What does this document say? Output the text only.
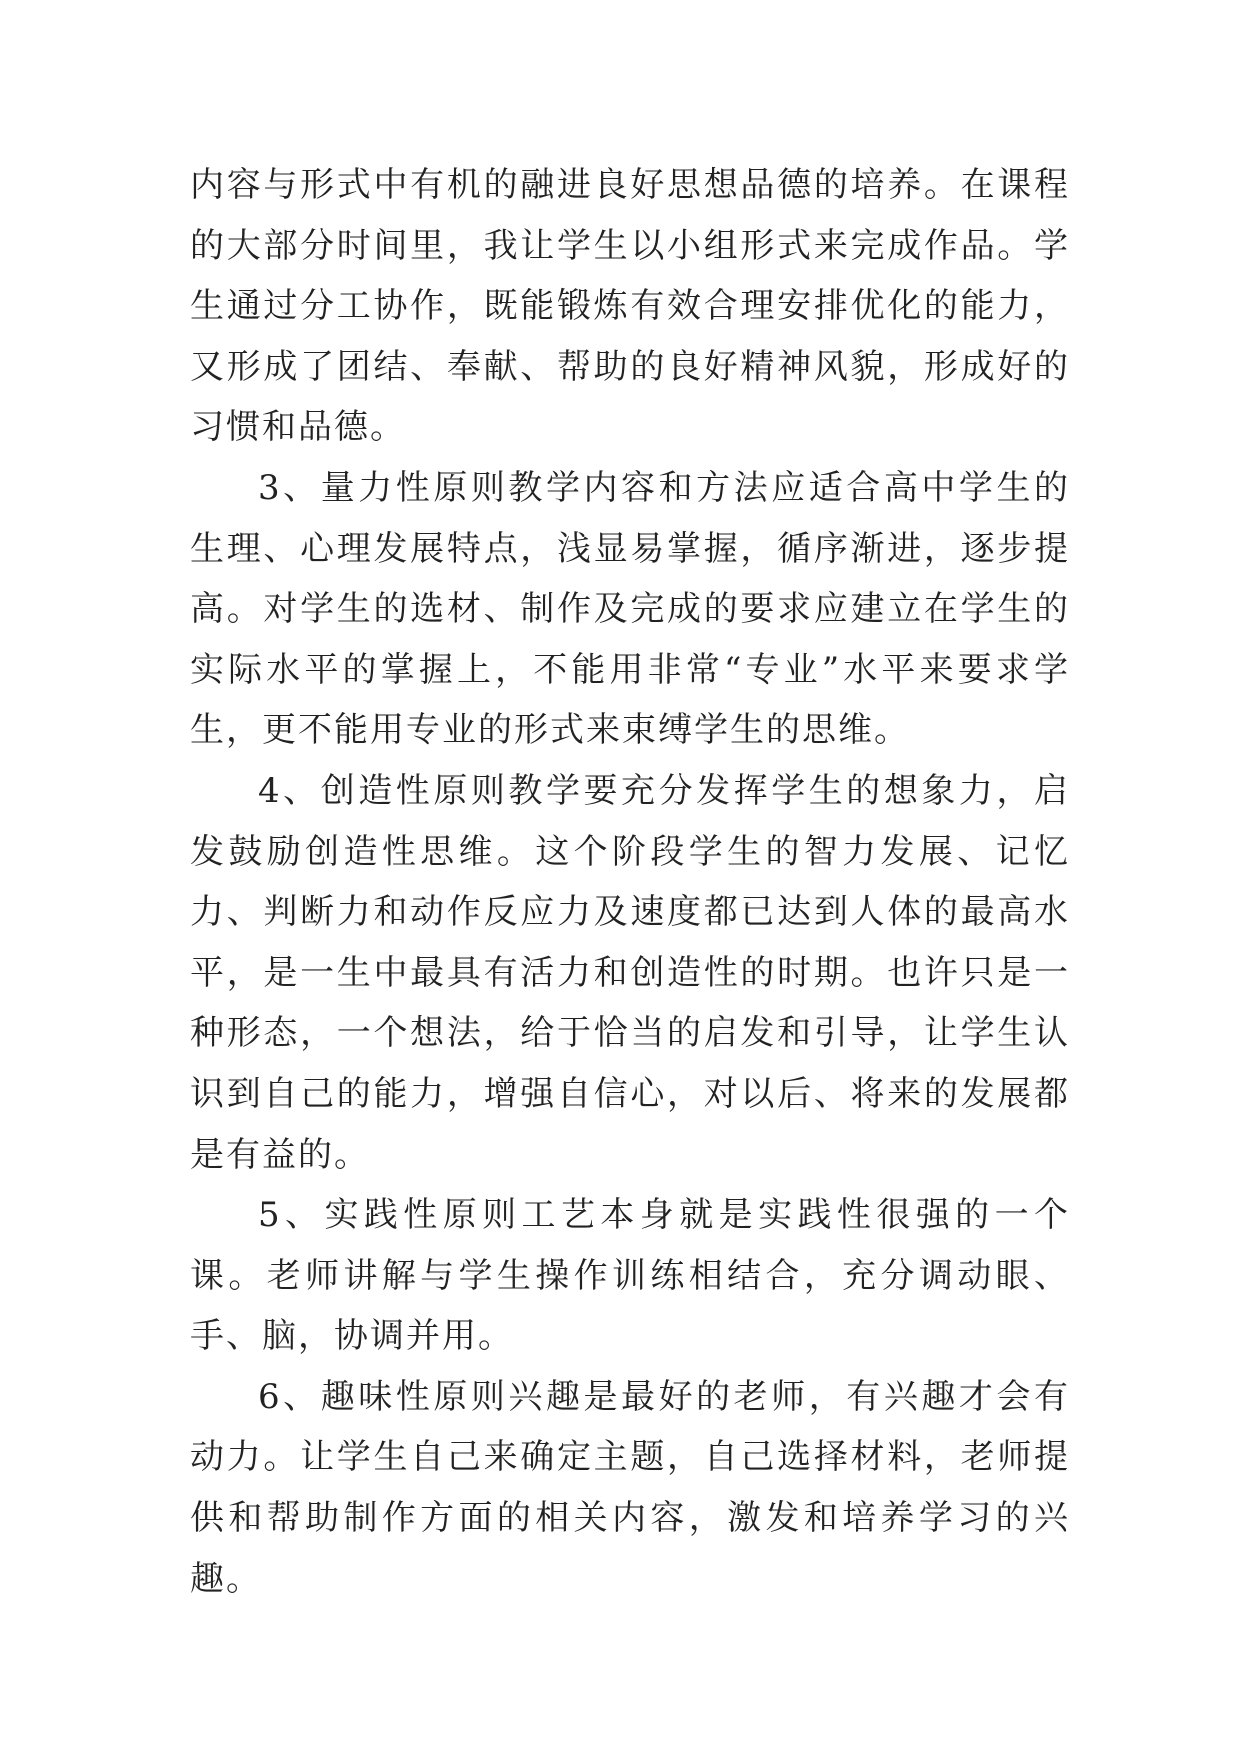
内容与形式中有机的融进良好思想品德的培养。在课程的大部分时间里，我让学生以小组形式来完成作品。学生通过分工协作，既能锻炼有效合理安排优化的能力，又形成了团结、奉献、帮助的良好精神风貌，形成好的习惯和品德。

3、量力性原则教学内容和方法应适合高中学生的生理、心理发展特点，浅显易掌握，循序渐进，逐步提高。对学生的选材、制作及完成的要求应建立在学生的实际水平的掌握上，不能用非常“专业”水平来要求学生，更不能用专业的形式来束缚学生的思维。

4、创造性原则教学要充分发挥学生的想象力，启发鼓励创造性思维。这个阶段学生的智力发展、记忆力、判断力和动作反应力及速度都已达到人体的最高水平，是一生中最具有活力和创造性的时期。也许只是一种形态，一个想法，给于恰当的启发和引导，让学生认识到自己的能力，增强自信心，对以后、将来的发展都是有益的。

5、实践性原则工艺本身就是实践性很强的一个课。老师讲解与学生操作训练相结合，充分调动眼、手、脑，协调并用。

6、趣味性原则兴趣是最好的老师，有兴趣才会有动力。让学生自己来确定主题，自己选择材料，老师提供和帮助制作方面的相关内容，激发和培养学习的兴趣。
